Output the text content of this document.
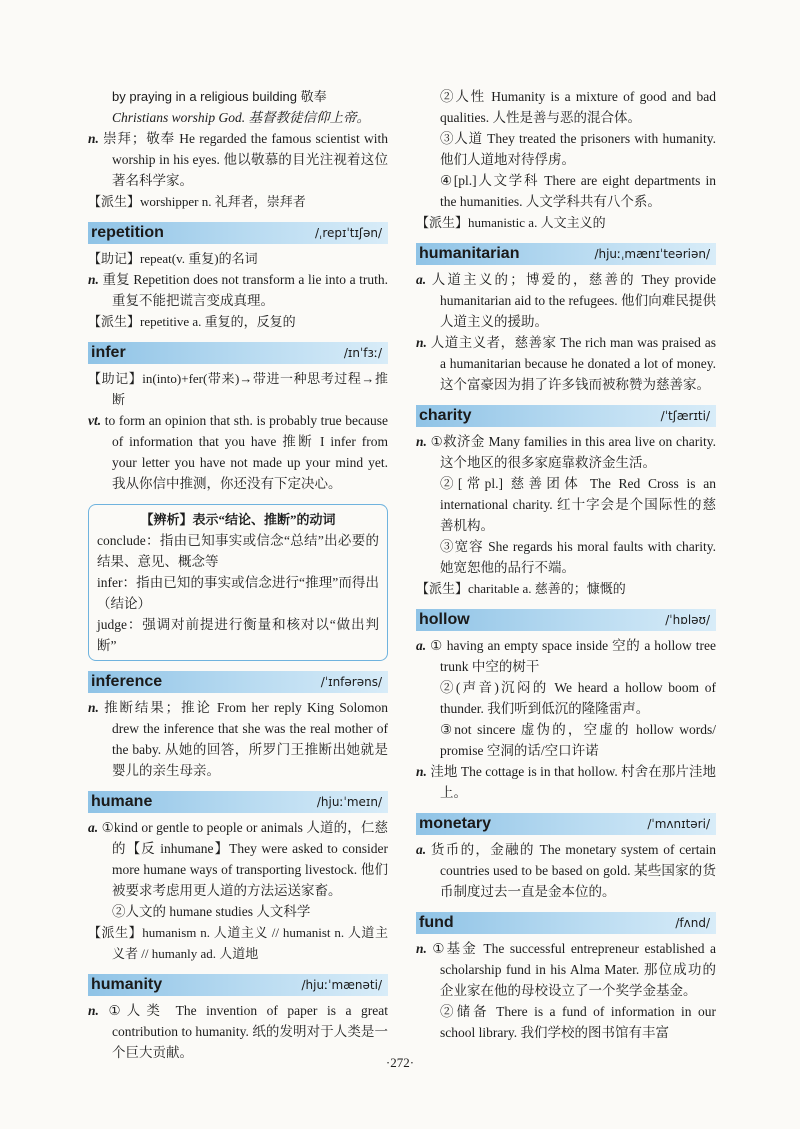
by praying in a religious building 敬奉

Christians worship God. 基督教徒信仰上帝。

n. 崇拜；敬奉 He regarded the famous scientist with worship in his eyes. 他以敬慕的目光注视着这位著名科学家。

【派生】worshipper n. 礼拜者，崇拜者

repetition	/ˌrepɪˈtɪʃən/

【助记】repeat(v. 重复)的名词

n. 重复 Repetition does not transform a lie into a truth. 重复不能把谎言变成真理。

【派生】repetitive a. 重复的，反复的

infer	/ɪnˈfɜː/

【助记】in(into)+fer(带来)→带进一种思考过程→推断

vt. to form an opinion that sth. is probably true because of information that you have 推断 I infer from your letter you have not made up your mind yet. 我从你信中推测，你还没有下定决心。

【辨析】表示“结论、推断”的动词

conclude：指由已知事实或信念“总结”出必要的结果、意见、概念等

infer：指由已知的事实或信念进行“推理”而得出（结论）

judge：强调对前提进行衡量和核对以“做出判断”

inference	/ˈɪnfərəns/

n. 推断结果；推论 From her reply King Solomon drew the inference that she was the real mother of the baby. 从她的回答，所罗门王推断出她就是婴儿的亲生母亲。

humane	/hjuːˈmeɪn/

a. ①kind or gentle to people or animals 人道的，仁慈的【反 inhumane】They were asked to consider more humane ways of transporting livestock. 他们被要求考虑用更人道的方法运送家畜。

②人文的 humane studies 人文科学

【派生】humanism n. 人道主义 // humanist n. 人道主义者 // humanly ad. 人道地

humanity	/hjuːˈmænəti/

n. ①人类 The invention of paper is a great contribution to humanity. 纸的发明对于人类是一个巨大贡献。

②人性 Humanity is a mixture of good and bad qualities. 人性是善与恶的混合体。

③人道 They treated the prisoners with humanity. 他们人道地对待俘虏。

④[pl.]人文学科 There are eight departments in the humanities. 人文学科共有八个系。

【派生】humanistic a. 人文主义的

humanitarian	/hjuːˌmænɪˈteəriən/

a. 人道主义的；博爱的，慈善的 They provide humanitarian aid to the refugees. 他们向难民提供人道主义的援助。

n. 人道主义者，慈善家 The rich man was praised as a humanitarian because he donated a lot of money. 这个富豪因为捐了许多钱而被称赞为慈善家。

charity	/ˈtʃærɪti/

n. ①救济金 Many families in this area live on charity. 这个地区的很多家庭靠救济金生活。

②[常pl.] 慈善团体 The Red Cross is an international charity. 红十字会是个国际性的慈善机构。

③宽容 She regards his moral faults with charity. 她宽恕他的品行不端。

【派生】charitable a. 慈善的；慷慨的

hollow	/ˈhɒləʊ/

a. ① having an empty space inside 空的 a hollow tree trunk 中空的树干

②(声音)沉闷的 We heard a hollow boom of thunder. 我们听到低沉的隆隆雷声。

③not sincere 虚伪的，空虚的 hollow words/ promise 空洞的话/空口许诺

n. 洼地 The cottage is in that hollow. 村舍在那片洼地上。

monetary	/ˈmʌnɪtəri/

a. 货币的，金融的 The monetary system of certain countries used to be based on gold. 某些国家的货币制度过去一直是金本位的。

fund	/fʌnd/

n. ①基金 The successful entrepreneur established a scholarship fund in his Alma Mater. 那位成功的企业家在他的母校设立了一个奖学金基金。

②储备 There is a fund of information in our school library. 我们学校的图书馆有丰富

·272·
